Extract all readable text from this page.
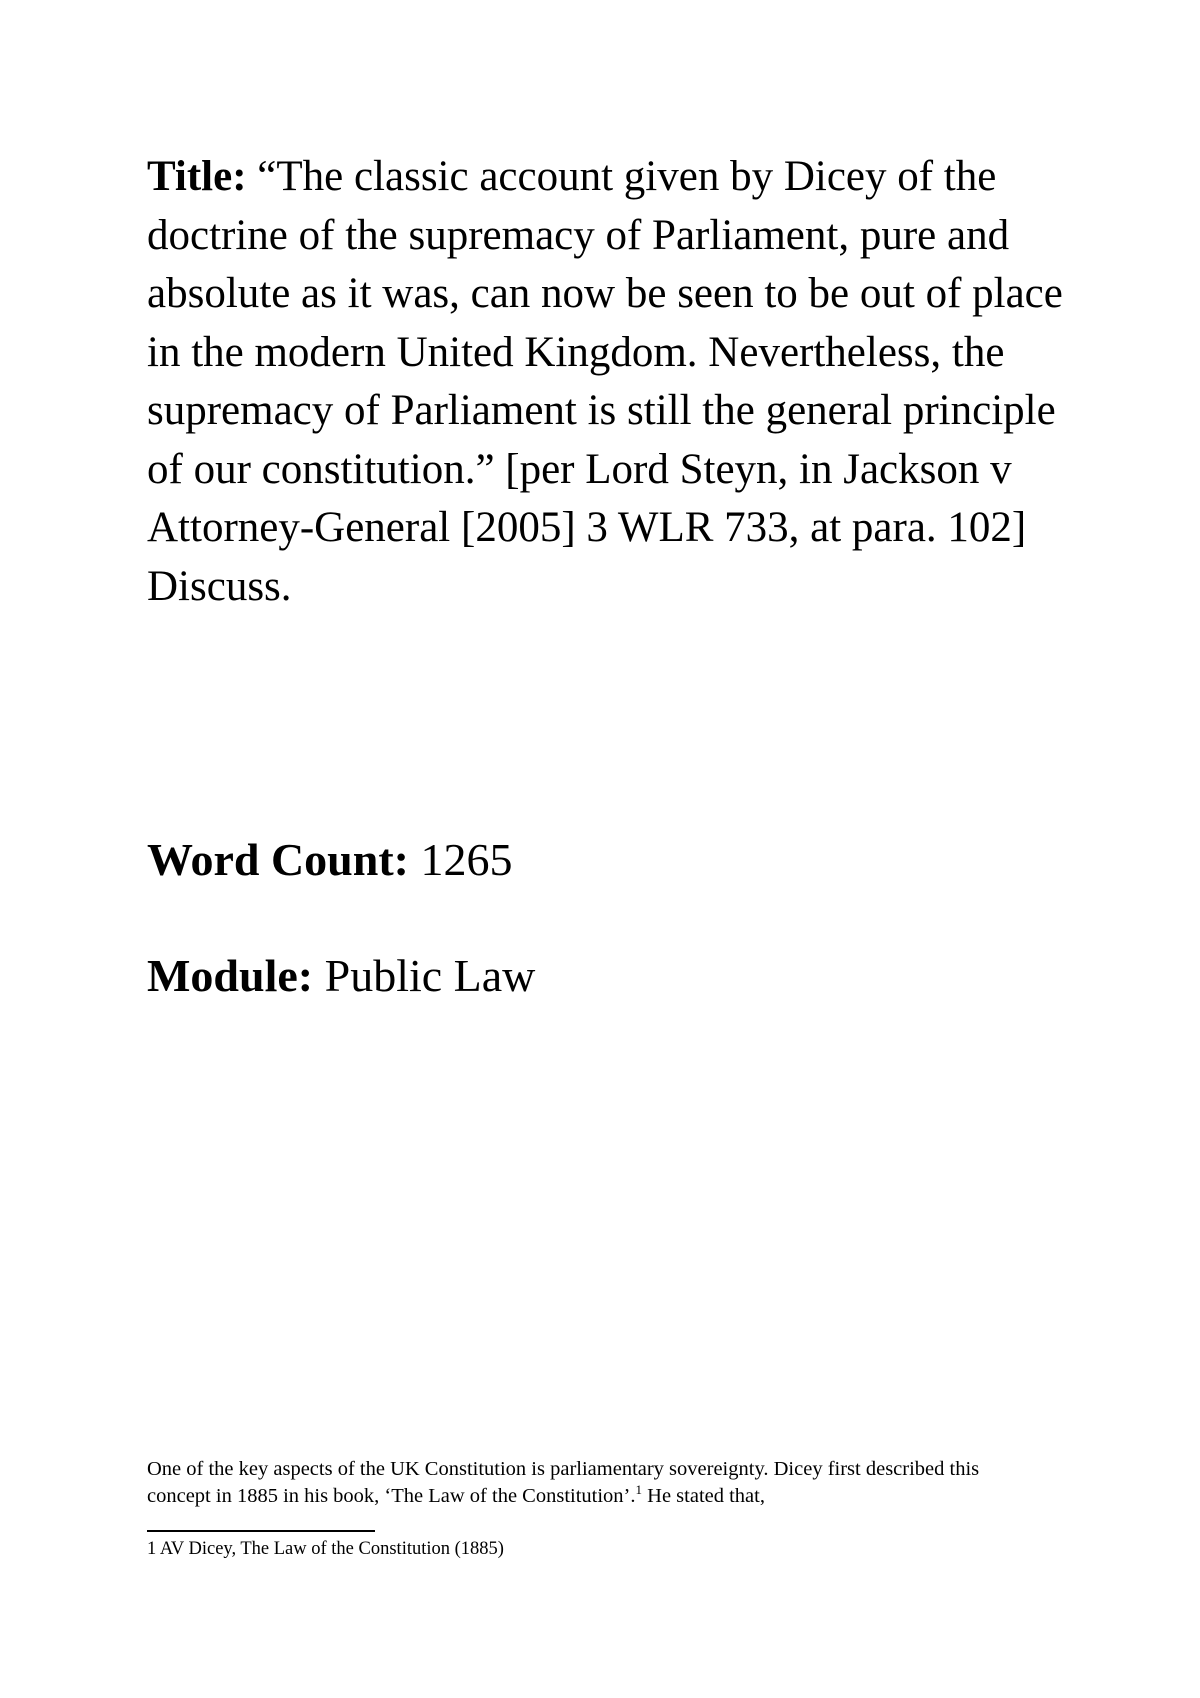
Title: “The classic account given by Dicey of the doctrine of the supremacy of Parliament, pure and absolute as it was, can now be seen to be out of place in the modern United Kingdom. Nevertheless, the supremacy of Parliament is still the general principle of our constitution.” [per Lord Steyn, in Jackson v Attorney-General [2005] 3 WLR 733, at para. 102] Discuss.
Word Count: 1265
Module: Public Law
One of the key aspects of the UK Constitution is parliamentary sovereignty. Dicey first described this concept in 1885 in his book, ‘The Law of the Constitution’.$^1$ He stated that,
1 AV Dicey, The Law of the Constitution (1885)
